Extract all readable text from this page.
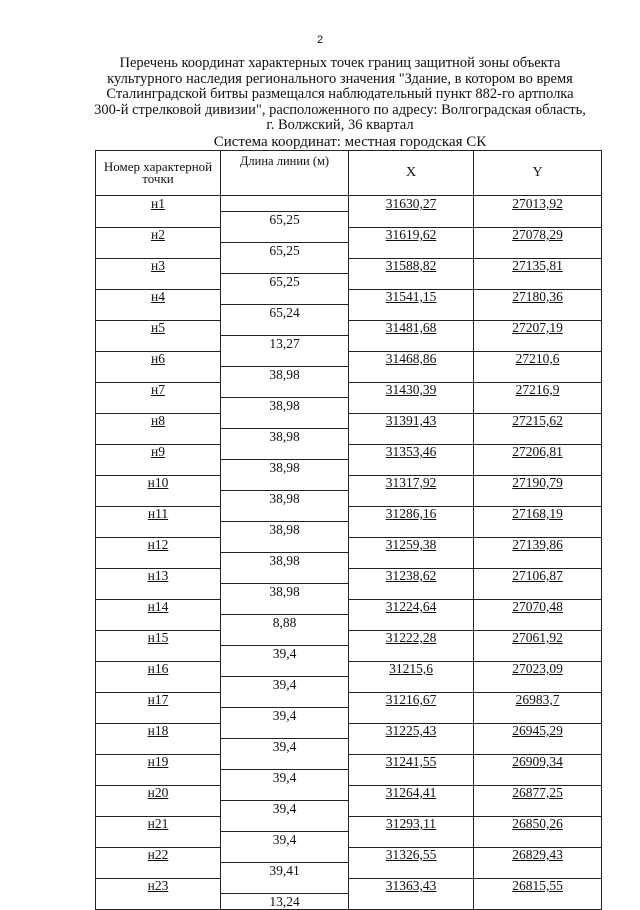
2
Перечень координат характерных точек границ защитной зоны объекта
культурного наследия регионального значения "Здание, в котором во время
Сталинградской битвы размещался наблюдательный пункт 882-го артполка
300-й стрелковой дивизии", расположенного по адресу: Волгоградская область,
г. Волжский, 36 квартал
Система координат: местная городская СК
Номер характерной точки	Длина линии (м)	X	Y
н1		31630,27	27013,92
	65,25		
н2		31619,62	27078,29
	65,25		
н3		31588,82	27135,81
	65,25		
н4		31541,15	27180,36
	65,24		
н5		31481,68	27207,19
	13,27		
н6		31468,86	27210,6
	38,98		
н7		31430,39	27216,9
	38,98		
н8		31391,43	27215,62
	38,98		
н9		31353,46	27206,81
	38,98		
н10		31317,92	27190,79
	38,98		
н11		31286,16	27168,19
	38,98		
н12		31259,38	27139,86
	38,98		
н13		31238,62	27106,87
	38,98		
н14		31224,64	27070,48
	8,88		
н15		31222,28	27061,92
	39,4		
н16		31215,6	27023,09
	39,4		
н17		31216,67	26983,7
	39,4		
н18		31225,43	26945,29
	39,4		
н19		31241,55	26909,34
	39,4		
н20		31264,41	26877,25
	39,4		
н21		31293,11	26850,26
	39,4		
н22		31326,55	26829,43
	39,41		
н23		31363,43	26815,55
	13,24		
